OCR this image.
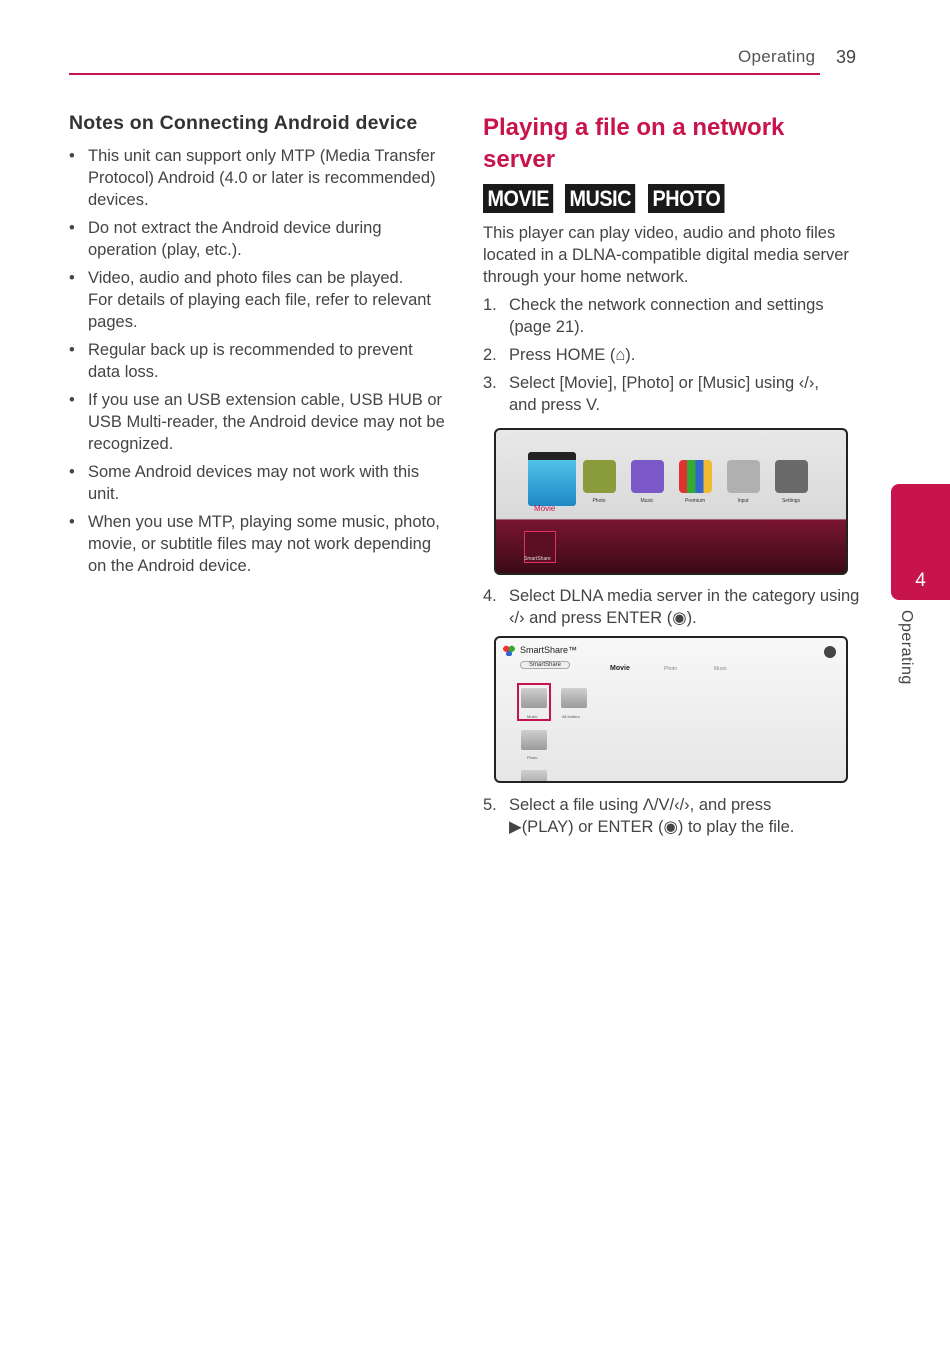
Operating 39
Notes on Connecting Android device
• This unit can support only MTP (Media Transfer
Protocol) Android (4.0 or later is recommended)
devices.
• Do not extract the Android device during
operation (play, etc.).
• Video, audio and photo files can be played.
For details of playing each file, refer to relevant
pages.
• Regular back up is recommended to prevent
data loss.
• If you use an USB extension cable, USB HUB or
USB Multi-reader, the Android device may not be
recognized.
• Some Android devices may not work with this
unit.
• When you use MTP, playing some music, photo,
movie, or subtitle files may not work depending
on the Android device.
Playing a file on a network
server
MOVIE MUSIC PHOTO
This player can play video, audio and photo files
located in a DLNA-compatible digital media server
through your home network.
1. Check the network connection and settings
(page 21).
2. Press HOME (⌂).
3. Select [Movie], [Photo] or [Music] using ‹/›,
and press V.
Movie
Photo	Music	Premium	Input	Settings
SmartShare
4. Select DLNA media server in the category using
‹/› and press ENTER (◉).
SmartShare™
SmartShare	Movie	Photo	Music
Music	All folders
Photo
5. Select a file using Λ/V/‹/›, and press
▶(PLAY) or ENTER (◉) to play the file.
4
Operating
